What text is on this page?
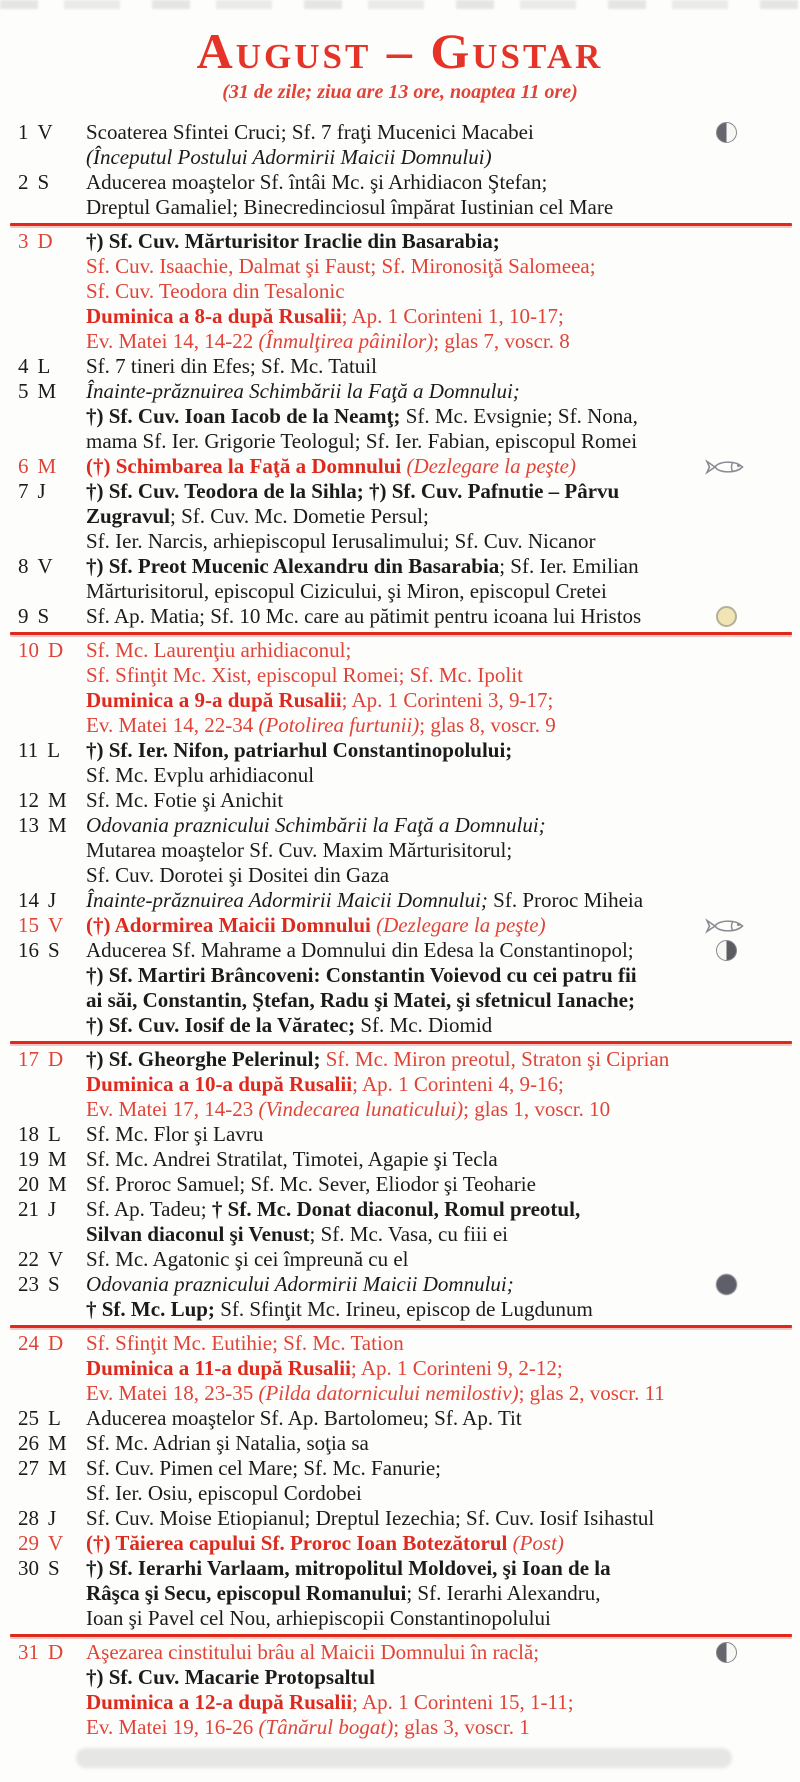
August – Gustar
(31 de zile; ziua are 13 ore, noaptea 11 ore)
1 V	Scoaterea Sfintei Cruci; Sf. 7 fraţi Mucenici Macabei
(Începutul Postului Adormirii Maicii Domnului)
2 S	Aducerea moaştelor Sf. întâi Mc. şi Arhidiacon Ştefan;
Dreptul Gamaliel; Binecredinciosul împărat Iustinian cel Mare
3 D	†) Sf. Cuv. Mărturisitor Iraclie din Basarabia;
Sf. Cuv. Isaachie, Dalmat şi Faust; Sf. Mironosiţă Salomeea;
Sf. Cuv. Teodora din Tesalonic
Duminica a 8-a după Rusalii; Ap. 1 Corinteni 1, 10-17;
Ev. Matei 14, 14-22 (Înmulţirea pâinilor); glas 7, voscr. 8
4 L	Sf. 7 tineri din Efes; Sf. Mc. Tatuil
5 M	Înainte-prăznuirea Schimbării la Faţă a Domnului;
†) Sf. Cuv. Ioan Iacob de la Neamţ; Sf. Mc. Evsignie; Sf. Nona,
mama Sf. Ier. Grigorie Teologul; Sf. Ier. Fabian, episcopul Romei
6 M	(†) Schimbarea la Faţă a Domnului (Dezlegare la peşte)
7 J	†) Sf. Cuv. Teodora de la Sihla; †) Sf. Cuv. Pafnutie – Pârvu
Zugravul; Sf. Cuv. Mc. Dometie Persul;
Sf. Ier. Narcis, arhiepiscopul Ierusalimului; Sf. Cuv. Nicanor
8 V	†) Sf. Preot Mucenic Alexandru din Basarabia; Sf. Ier. Emilian
Mărturisitorul, episcopul Cizicului, şi Miron, episcopul Cretei
9 S	Sf. Ap. Matia; Sf. 10 Mc. care au pătimit pentru icoana lui Hristos
10 D	Sf. Mc. Laurenţiu arhidiaconul;
Sf. Sfinţit Mc. Xist, episcopul Romei; Sf. Mc. Ipolit
Duminica a 9-a după Rusalii; Ap. 1 Corinteni 3, 9-17;
Ev. Matei 14, 22-34 (Potolirea furtunii); glas 8, voscr. 9
11 L	†) Sf. Ier. Nifon, patriarhul Constantinopolului;
Sf. Mc. Evplu arhidiaconul
12 M Sf. Mc. Fotie şi Anichit
13 M Odovania praznicului Schimbării la Faţă a Domnului;
Mutarea moaştelor Sf. Cuv. Maxim Mărturisitorul;
Sf. Cuv. Dorotei şi Dositei din Gaza
14 J	Înainte-prăznuirea Adormirii Maicii Domnului; Sf. Proroc Miheia
15 V	(†) Adormirea Maicii Domnului (Dezlegare la peşte)
16 S	Aducerea Sf. Mahrame a Domnului din Edesa la Constantinopol;
†) Sf. Martiri Brâncoveni: Constantin Voievod cu cei patru fii
ai săi, Constantin, Ştefan, Radu şi Matei, şi sfetnicul Ianache;
†) Sf. Cuv. Iosif de la Văratec; Sf. Mc. Diomid
17 D	†) Sf. Gheorghe Pelerinul; Sf. Mc. Miron preotul, Straton şi Ciprian
Duminica a 10-a după Rusalii; Ap. 1 Corinteni 4, 9-16;
Ev. Matei 17, 14-23 (Vindecarea lunaticului); glas 1, voscr. 10
18 L	Sf. Mc. Flor şi Lavru
19 M Sf. Mc. Andrei Stratilat, Timotei, Agapie şi Tecla
20 M Sf. Proroc Samuel; Sf. Mc. Sever, Eliodor şi Teoharie
21 J	Sf. Ap. Tadeu; † Sf. Mc. Donat diaconul, Romul preotul,
Silvan diaconul şi Venust; Sf. Mc. Vasa, cu fiii ei
22 V	Sf. Mc. Agatonic şi cei împreună cu el
23 S	Odovania praznicului Adormirii Maicii Domnului;
† Sf. Mc. Lup; Sf. Sfinţit Mc. Irineu, episcop de Lugdunum
24 D	Sf. Sfinţit Mc. Eutihie; Sf. Mc. Tation
Duminica a 11-a după Rusalii; Ap. 1 Corinteni 9, 2-12;
Ev. Matei 18, 23-35 (Pilda datornicului nemilostiv); glas 2, voscr. 11
25 L	Aducerea moaştelor Sf. Ap. Bartolomeu; Sf. Ap. Tit
26 M Sf. Mc. Adrian şi Natalia, soţia sa
27 M Sf. Cuv. Pimen cel Mare; Sf. Mc. Fanurie;
Sf. Ier. Osiu, episcopul Cordobei
28 J	Sf. Cuv. Moise Etiopianul; Dreptul Iezechia; Sf. Cuv. Iosif Isihastul
29 V	(†) Tăierea capului Sf. Proroc Ioan Botezătorul (Post)
30 S	†) Sf. Ierarhi Varlaam, mitropolitul Moldovei, şi Ioan de la
Râşca şi Secu, episcopul Romanului; Sf. Ierarhi Alexandru,
Ioan şi Pavel cel Nou, arhiepiscopii Constantinopolului
31 D	Aşezarea cinstitului brâu al Maicii Domnului în raclă;
†) Sf. Cuv. Macarie Protopsaltul
Duminica a 12-a după Rusalii; Ap. 1 Corinteni 15, 1-11;
Ev. Matei 19, 16-26 (Tânărul bogat); glas 3, voscr. 1
